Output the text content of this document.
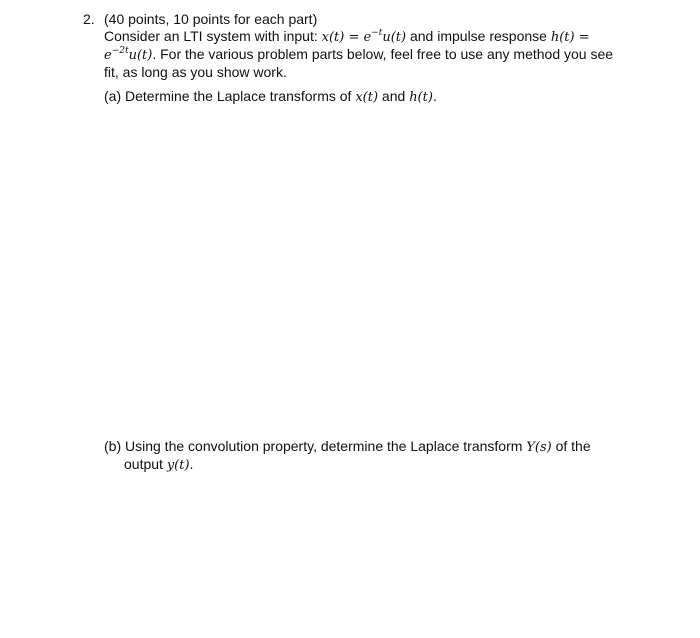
2. (40 points, 10 points for each part)
Consider an LTI system with input: $x(t) = e^{-t}u(t)$ and impulse response h(t) =
$e^{-2t}u(t)$. For the various problem parts below, feel free to use any method you see
fit, as long as you show work.
(a) Determine the Laplace transforms of x(t) and h(t).
(b) Using the convolution property, determine the Laplace transform Y(s) of the
output y(t).
